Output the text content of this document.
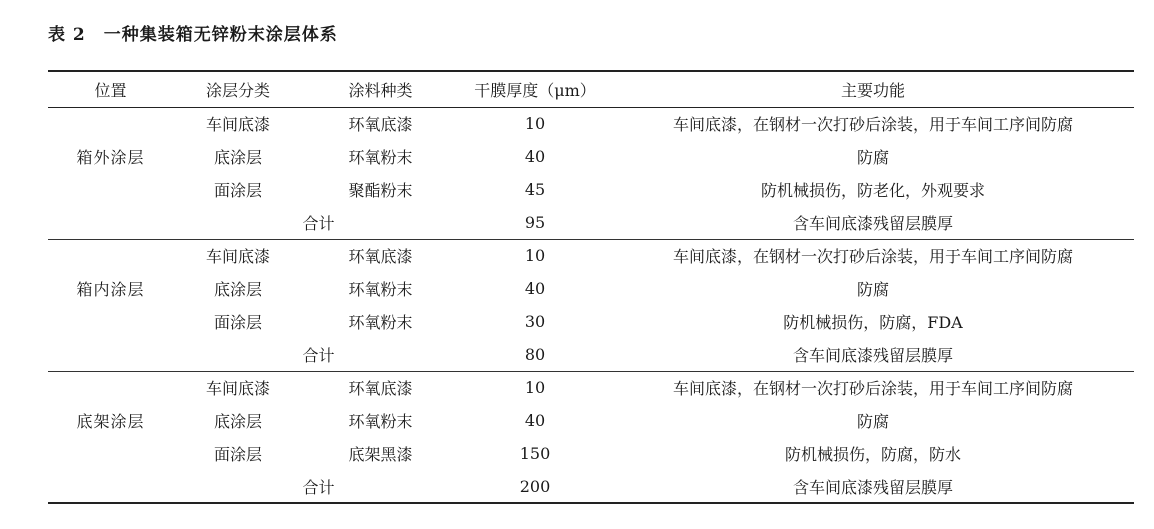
表 2 一种集装箱无锌粉末涂层体系
位置	涂层分类	涂料种类	干膜厚度（μm）	主要功能
箱外涂层	车间底漆	环氧底漆	10	车间底漆，在钢材一次打砂后涂装，用于车间工序间防腐
	底涂层	环氧粉末	40	防腐
	面涂层	聚酯粉末	45	防机械损伤，防老化，外观要求
	合计		95	含车间底漆残留层膜厚
箱内涂层	车间底漆	环氧底漆	10	车间底漆，在钢材一次打砂后涂装，用于车间工序间防腐
	底涂层	环氧粉末	40	防腐
	面涂层	环氧粉末	30	防机械损伤，防腐，FDA
	合计		80	含车间底漆残留层膜厚
底架涂层	车间底漆	环氧底漆	10	车间底漆，在钢材一次打砂后涂装，用于车间工序间防腐
	底涂层	环氧粉末	40	防腐
	面涂层	底架黑漆	150	防机械损伤，防腐，防水
	合计		200	含车间底漆残留层膜厚
